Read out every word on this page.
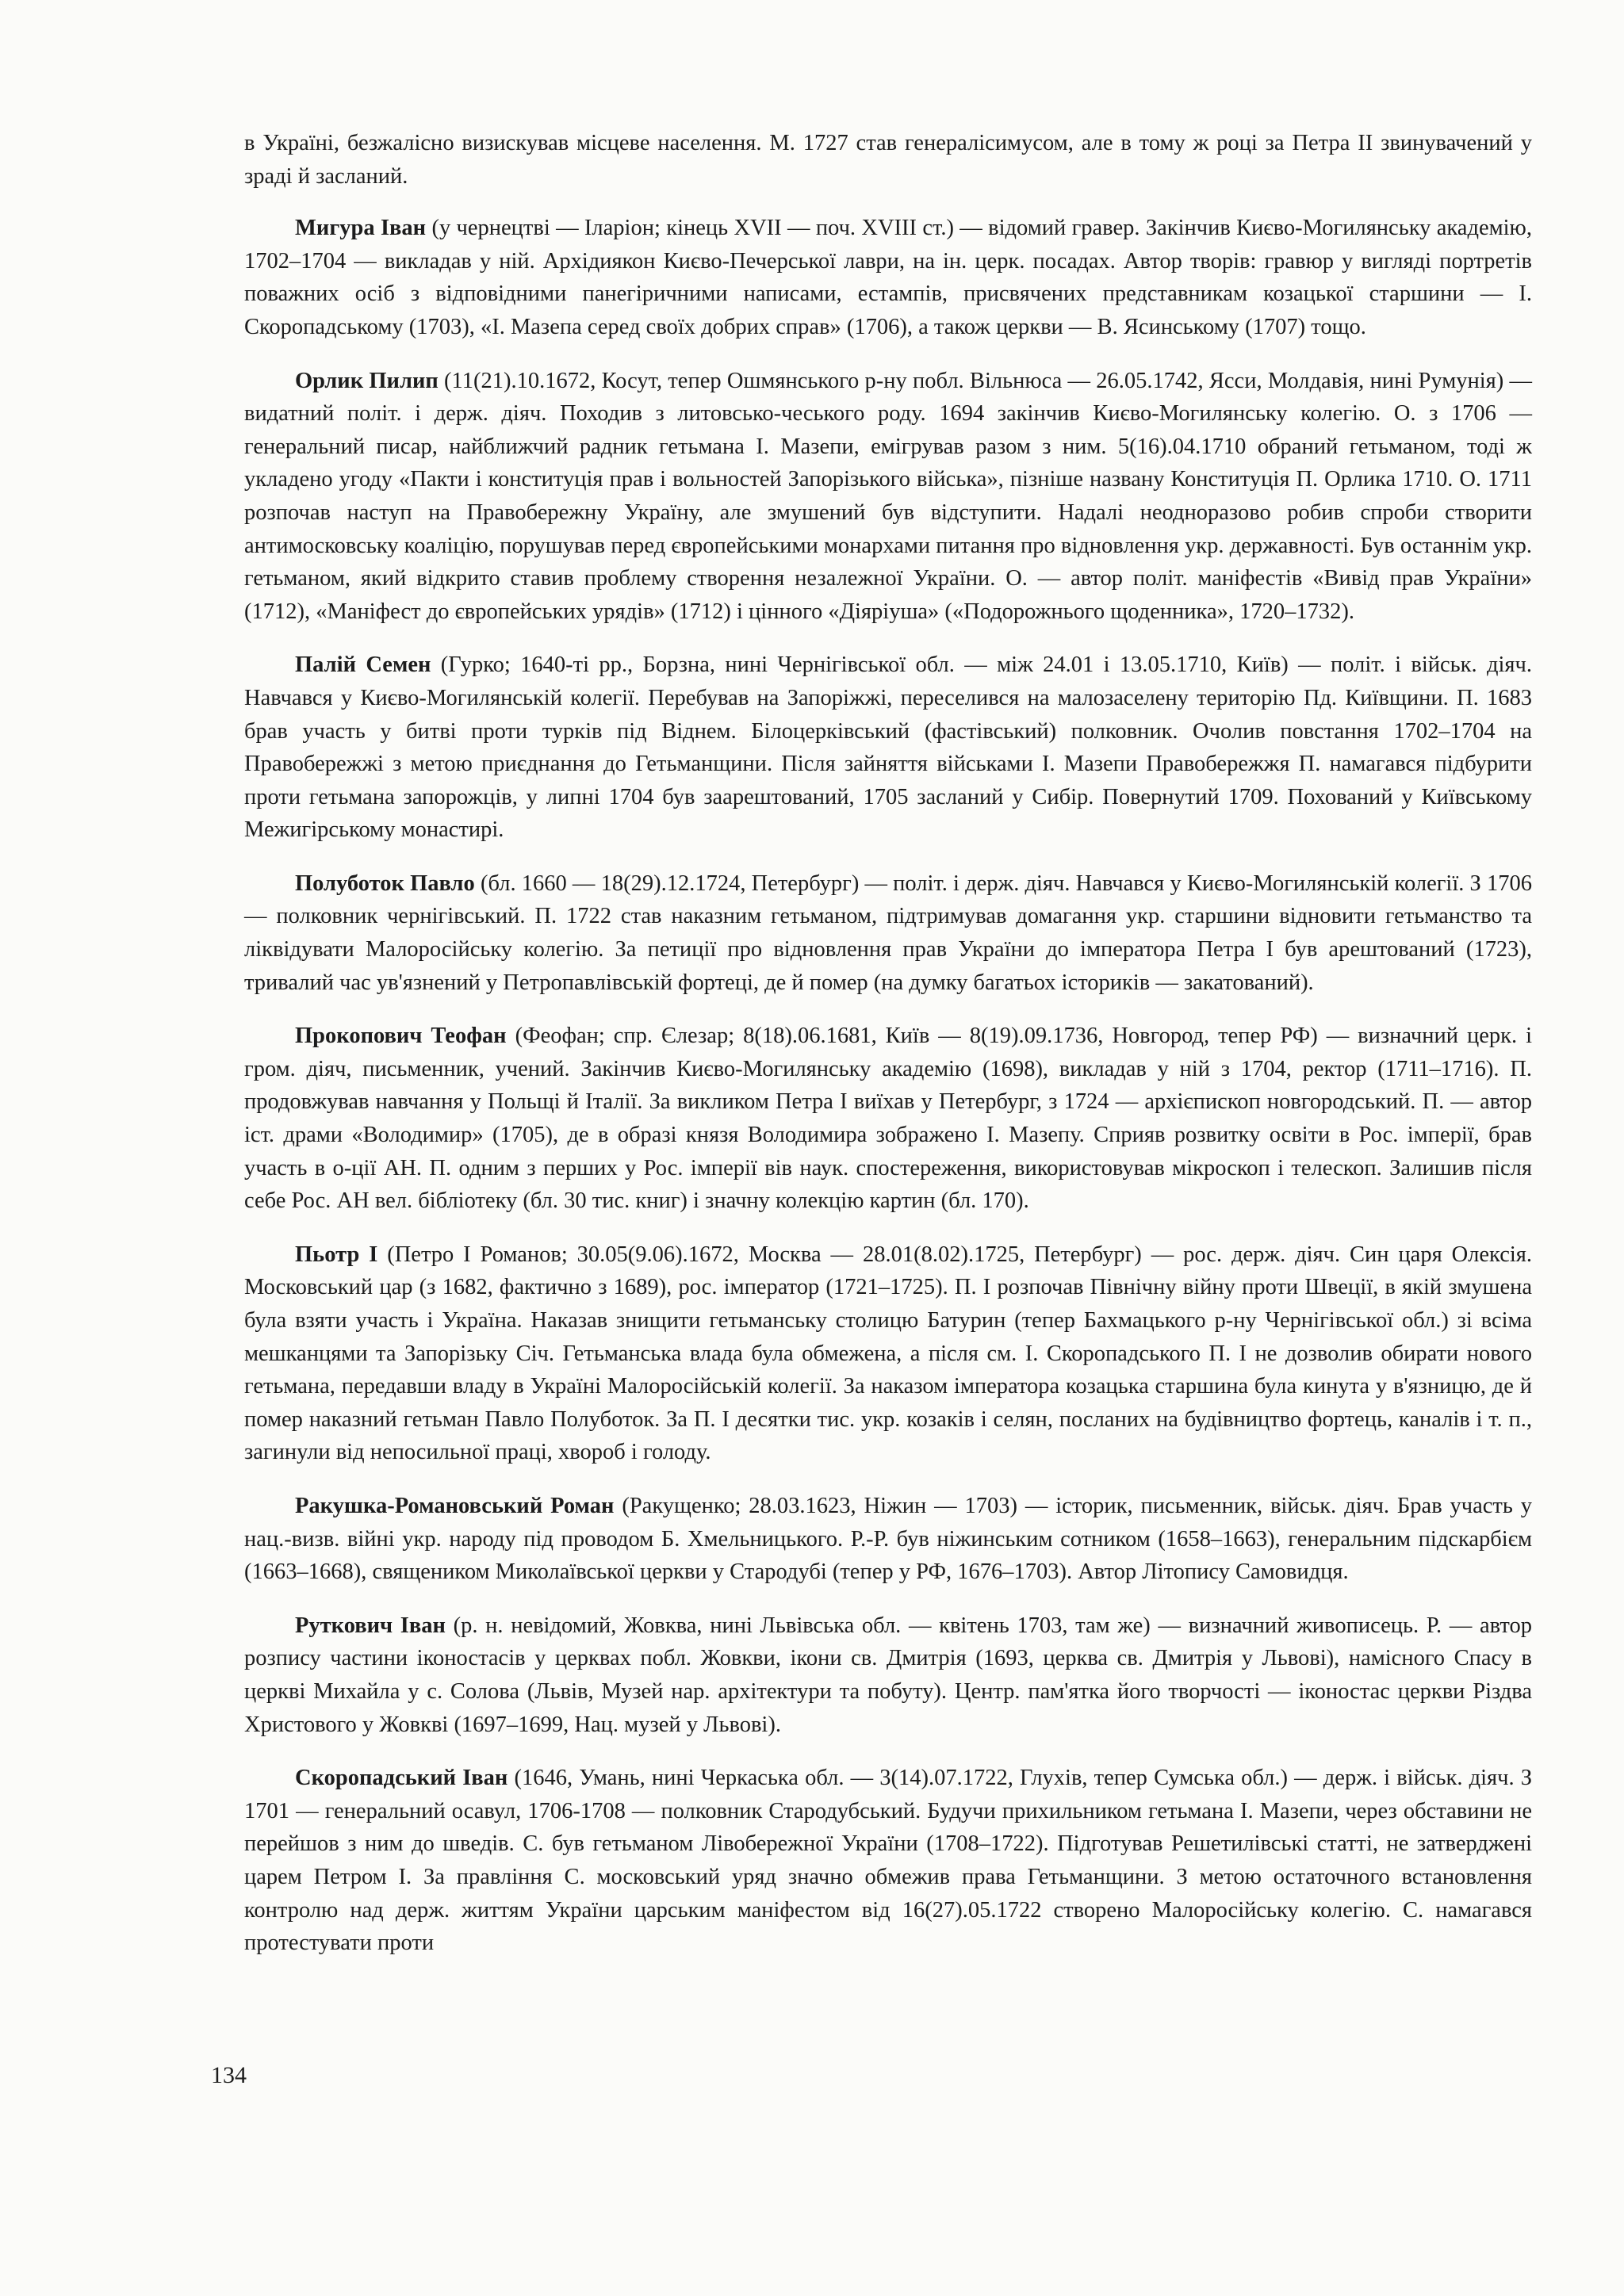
в Україні, безжалісно визискував місцеве населення. М. 1727 став генералісимусом, але в тому ж році за Петра II звинувачений у зраді й засланий.

Мигура Іван (у чернецтві — Іларіон; кінець XVII — поч. XVIII ст.) — відомий гравер. Закінчив Києво-Могилянську академію, 1702–1704 — викладав у ній. Архідиякон Києво-Печерської лаври, на ін. церк. посадах. Автор творів: гравюр у вигляді портретів поважних осіб з відповідними панегіричними написами, естампів, присвячених представникам козацької старшини — І. Скоропадському (1703), «І. Мазепа серед своїх добрих справ» (1706), а також церкви — В. Ясинському (1707) тощо.

Орлик Пилип (11(21).10.1672, Косут, тепер Ошмянського р-ну побл. Вільнюса — 26.05.1742, Ясси, Молдавія, нині Румунія) — видатний політ. і держ. діяч. Походив з литовсько-чеського роду. 1694 закінчив Києво-Могилянську колегію. О. з 1706 — генеральний писар, найближчий радник гетьмана І. Мазепи, емігрував разом з ним. 5(16).04.1710 обраний гетьманом, тоді ж укладено угоду «Пакти і конституція прав і вольностей Запорізького війська», пізніше названу Конституція П. Орлика 1710. О. 1711 розпочав наступ на Правобережну Україну, але змушений був відступити. Надалі неодноразово робив спроби створити антимосковську коаліцію, порушував перед європейськими монархами питання про відновлення укр. державності. Був останнім укр. гетьманом, який відкрито ставив проблему створення незалежної України. О. — автор політ. маніфестів «Вивід прав України» (1712), «Маніфест до європейських урядів» (1712) і цінного «Діяріуша» («Подорожнього щоденника», 1720–1732).

Палій Семен (Гурко; 1640-ті рр., Борзна, нині Чернігівської обл. — між 24.01 і 13.05.1710, Київ) — політ. і військ. діяч. Навчався у Києво-Могилянській колегії. Перебував на Запоріжжі, переселився на малозаселену територію Пд. Київщини. П. 1683 брав участь у битві проти турків під Віднем. Білоцерківський (фастівський) полковник. Очолив повстання 1702–1704 на Правобережжі з метою приєднання до Гетьманщини. Після зайняття військами І. Мазепи Правобережжя П. намагався підбурити проти гетьмана запорожців, у липні 1704 був заарештований, 1705 засланий у Сибір. Повернутий 1709. Похований у Київському Межигірському монастирі.

Полуботок Павло (бл. 1660 — 18(29).12.1724, Петербург) — політ. і держ. діяч. Навчався у Києво-Могилянській колегії. З 1706 — полковник чернігівський. П. 1722 став наказним гетьманом, підтримував домагання укр. старшини відновити гетьманство та ліквідувати Малоросійську колегію. За петиції про відновлення прав України до імператора Петра І був арештований (1723), тривалий час ув'язнений у Петропавлівській фортеці, де й помер (на думку багатьох істориків — закатований).

Прокопович Теофан (Феофан; спр. Єлезар; 8(18).06.1681, Київ — 8(19).09.1736, Новгород, тепер РФ) — визначний церк. і гром. діяч, письменник, учений. Закінчив Києво-Могилянську академію (1698), викладав у ній з 1704, ректор (1711–1716). П. продовжував навчання у Польщі й Італії. За викликом Петра І виїхав у Петербург, з 1724 — архієпископ новгородський. П. — автор іст. драми «Володимир» (1705), де в образі князя Володимира зображено І. Мазепу. Сприяв розвитку освіти в Рос. імперії, брав участь в о-ції АН. П. одним з перших у Рос. імперії вів наук. спостереження, використовував мікроскоп і телескоп. Залишив після себе Рос. АН вел. бібліотеку (бл. 30 тис. книг) і значну колекцію картин (бл. 170).

Пьотр І (Петро І Романов; 30.05(9.06).1672, Москва — 28.01(8.02).1725, Петербург) — рос. держ. діяч. Син царя Олексія. Московський цар (з 1682, фактично з 1689), рос. імператор (1721–1725). П. І розпочав Північну війну проти Швеції, в якій змушена була взяти участь і Україна. Наказав знищити гетьманську столицю Батурин (тепер Бахмацького р-ну Чернігівської обл.) зі всіма мешканцями та Запорізьку Січ. Гетьманська влада була обмежена, а після см. І. Скоропадського П. І не дозволив обирати нового гетьмана, передавши владу в Україні Малоросійській колегії. За наказом імператора козацька старшина була кинута у в'язницю, де й помер наказний гетьман Павло Полуботок. За П. І десятки тис. укр. козаків і селян, посланих на будівництво фортець, каналів і т. п., загинули від непосильної праці, хвороб і голоду.

Ракушка-Романовський Роман (Ракущенко; 28.03.1623, Ніжин — 1703) — історик, письменник, військ. діяч. Брав участь у нац.-визв. війні укр. народу під проводом Б. Хмельницького. Р.-Р. був ніжинським сотником (1658–1663), генеральним підскарбієм (1663–1668), священиком Миколаївської церкви у Стародубі (тепер у РФ, 1676–1703). Автор Літопису Самовидця.

Руткович Іван (р. н. невідомий, Жовква, нині Львівська обл. — квітень 1703, там же) — визначний живописець. Р. — автор розпису частини іконостасів у церквах побл. Жовкви, ікони св. Дмитрія (1693, церква св. Дмитрія у Львові), намісного Спасу в церкві Михайла у с. Солова (Львів, Музей нар. архітектури та побуту). Центр. пам'ятка його творчості — іконостас церкви Різдва Христового у Жовкві (1697–1699, Нац. музей у Львові).

Скоропадський Іван (1646, Умань, нині Черкаська обл. — 3(14).07.1722, Глухів, тепер Сумська обл.) — держ. і військ. діяч. З 1701 — генеральний осавул, 1706-1708 — полковник Стародубський. Будучи прихильником гетьмана І. Мазепи, через обставини не перейшов з ним до шведів. С. був гетьманом Лівобережної України (1708–1722). Підготував Решетилівські статті, не затверджені царем Петром І. За правління С. московський уряд значно обмежив права Гетьманщини. З метою остаточного встановлення контролю над держ. життям України царським маніфестом від 16(27).05.1722 створено Малоросійську колегію. С. намагався протестувати проти

134
